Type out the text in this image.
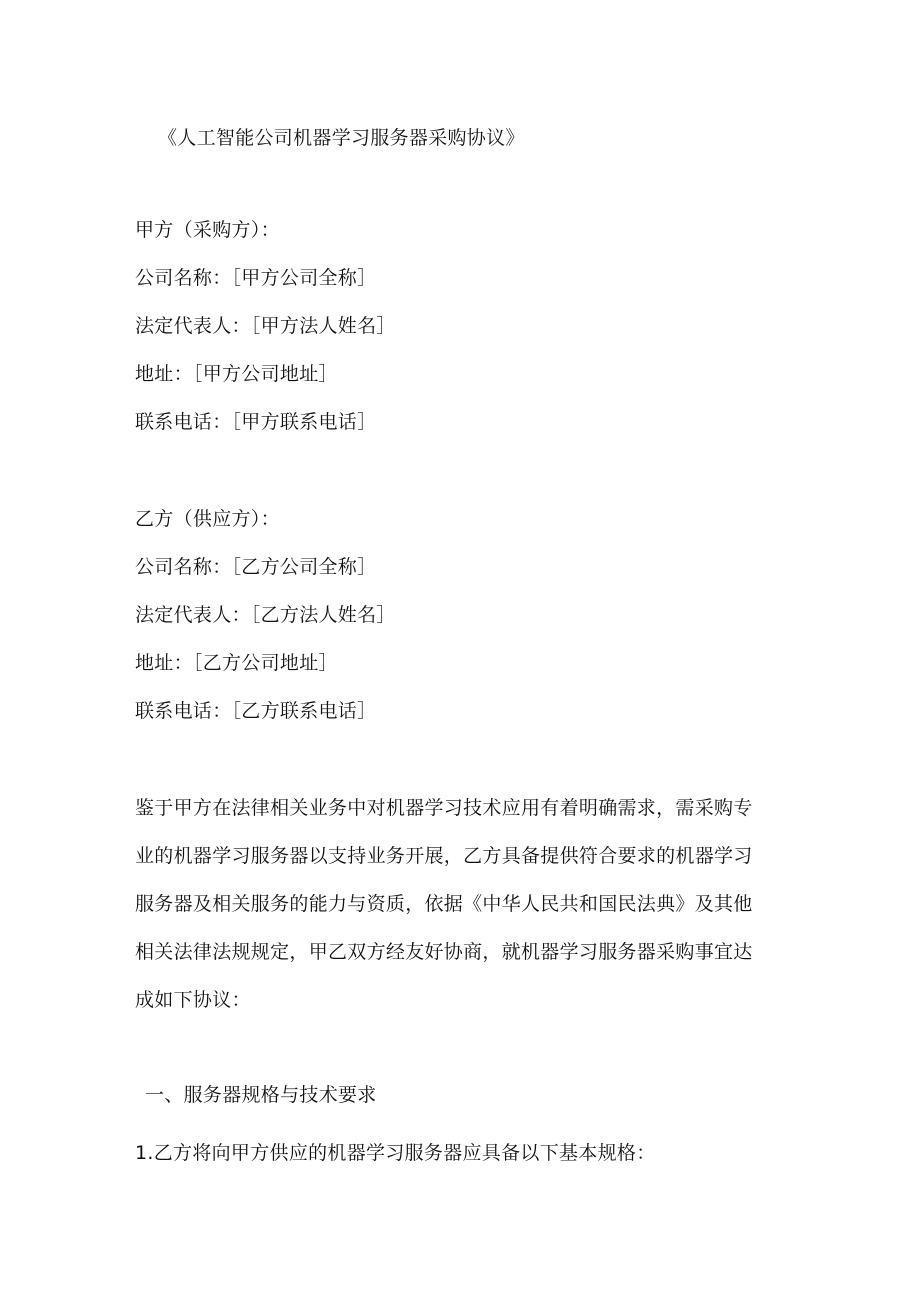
《人工智能公司机器学习服务器采购协议》
甲方（采购方）：
公司名称：［甲方公司全称］
法定代表人：［甲方法人姓名］
地址：［甲方公司地址］
联系电话：［甲方联系电话］
乙方（供应方）：
公司名称：［乙方公司全称］
法定代表人：［乙方法人姓名］
地址：［乙方公司地址］
联系电话：［乙方联系电话］
鉴于甲方在法律相关业务中对机器学习技术应用有着明确需求，需采购专
业的机器学习服务器以支持业务开展，乙方具备提供符合要求的机器学习
服务器及相关服务的能力与资质，依据《中华人民共和国民法典》及其他
相关法律法规规定，甲乙双方经友好协商，就机器学习服务器采购事宜达
成如下协议：
一、服务器规格与技术要求
1.乙方将向甲方供应的机器学习服务器应具备以下基本规格：
